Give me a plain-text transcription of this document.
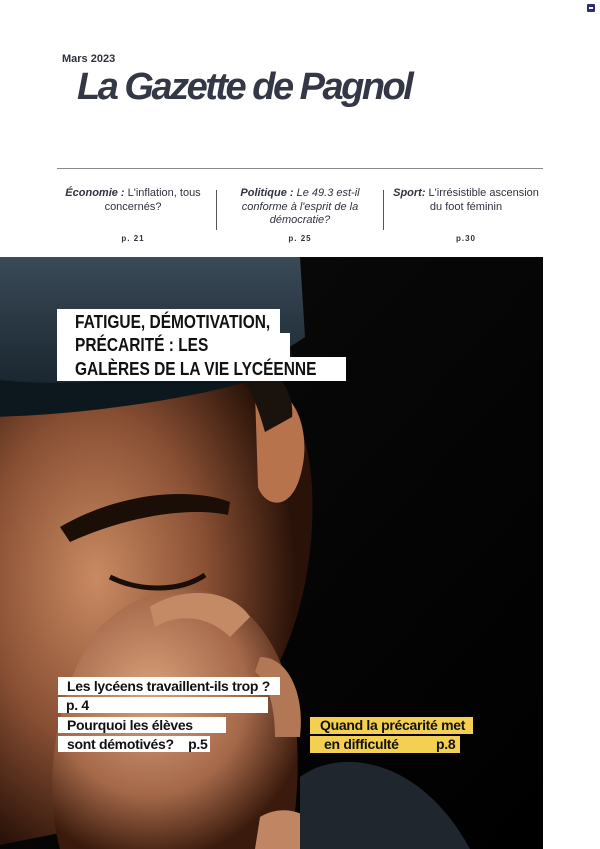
Mars 2023
La Gazette de Pagnol
Économie : L'inflation, tous concernés?
p. 21
Politique : Le 49.3 est-il conforme à l'esprit de la démocratie?
p. 25
Sport: L'irrésistible ascension du foot féminin
p.30
FATIGUE, DÉMOTIVATION,
PRÉCARITÉ : LES
GALÈRES DE LA VIE LYCÉENNE
Les lycéens travaillent-ils trop ?
p. 4
Pourquoi les élèves
sont démotivés?    p.5
Quand la précarité met
en difficulté	p.8
